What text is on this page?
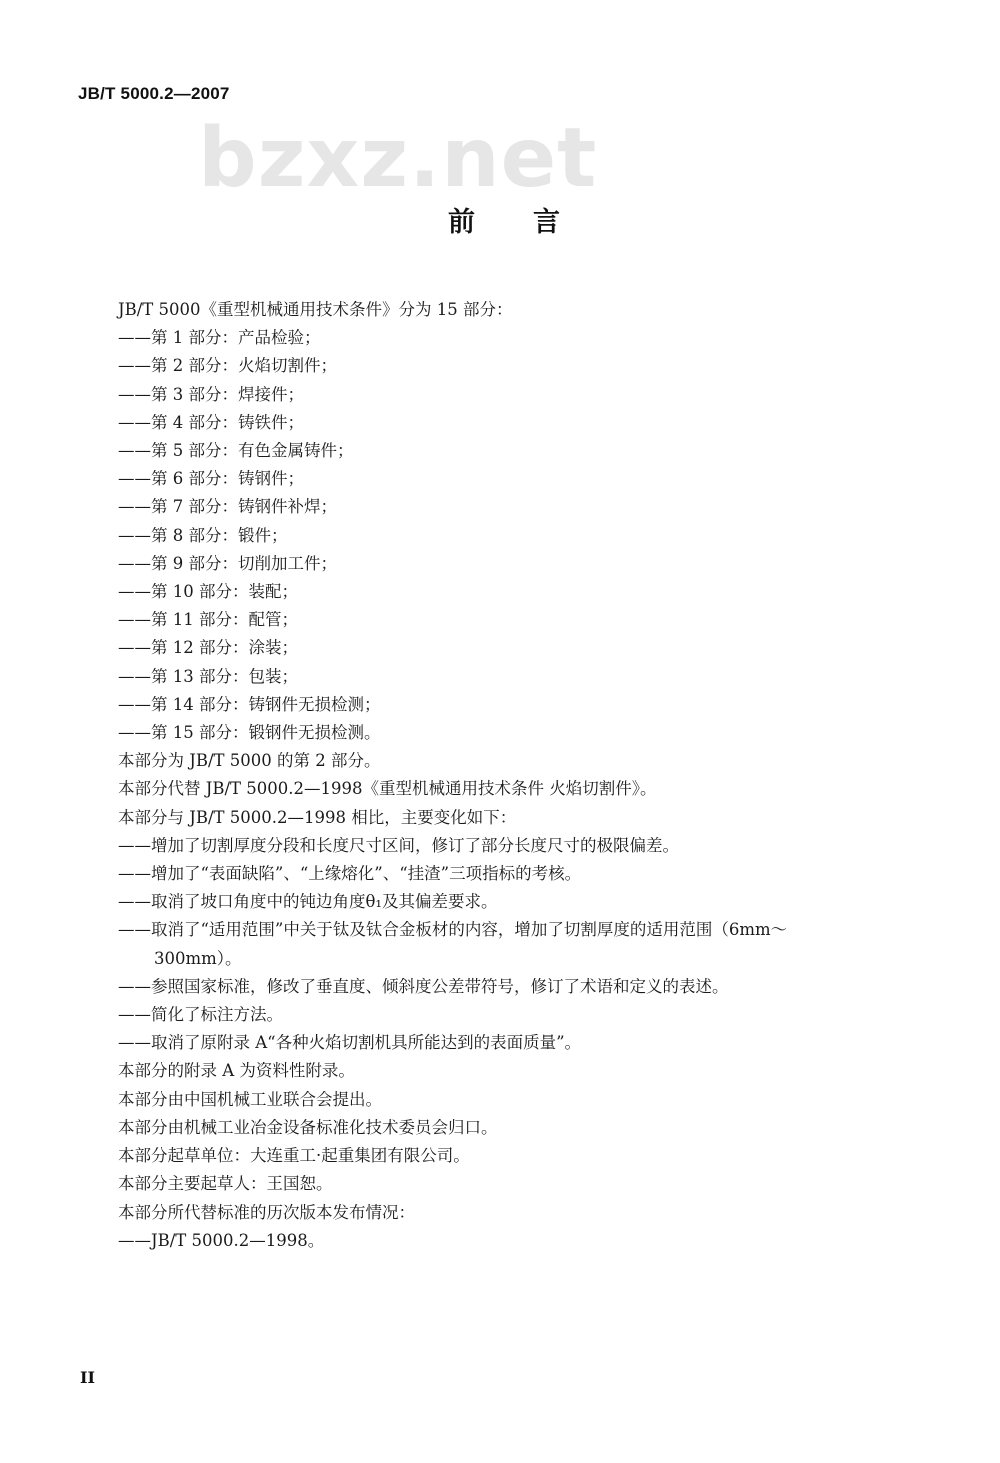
JB/T 5000.2—2007
bzxz.net
前言
JB/T 5000《重型机械通用技术条件》分为 15 部分：
——第 1 部分：产品检验；
——第 2 部分：火焰切割件；
——第 3 部分：焊接件；
——第 4 部分：铸铁件；
——第 5 部分：有色金属铸件；
——第 6 部分：铸钢件；
——第 7 部分：铸钢件补焊；
——第 8 部分：锻件；
——第 9 部分：切削加工件；
——第 10 部分：装配；
——第 11 部分：配管；
——第 12 部分：涂装；
——第 13 部分：包装；
——第 14 部分：铸钢件无损检测；
——第 15 部分：锻钢件无损检测。
本部分为 JB/T 5000 的第 2 部分。
本部分代替 JB/T 5000.2—1998《重型机械通用技术条件 火焰切割件》。
本部分与 JB/T 5000.2—1998 相比，主要变化如下：
——增加了切割厚度分段和长度尺寸区间，修订了部分长度尺寸的极限偏差。
——增加了“表面缺陷”、“上缘熔化”、“挂渣”三项指标的考核。
——取消了坡口角度中的钝边角度θ₁及其偏差要求。
——取消了“适用范围”中关于钛及钛合金板材的内容，增加了切割厚度的适用范围（6mm～
300mm）。
——参照国家标准，修改了垂直度、倾斜度公差带符号，修订了术语和定义的表述。
——简化了标注方法。
——取消了原附录 A“各种火焰切割机具所能达到的表面质量”。
本部分的附录 A 为资料性附录。
本部分由中国机械工业联合会提出。
本部分由机械工业冶金设备标准化技术委员会归口。
本部分起草单位：大连重工·起重集团有限公司。
本部分主要起草人：王国恕。
本部分所代替标准的历次版本发布情况：
——JB/T 5000.2—1998。
II
